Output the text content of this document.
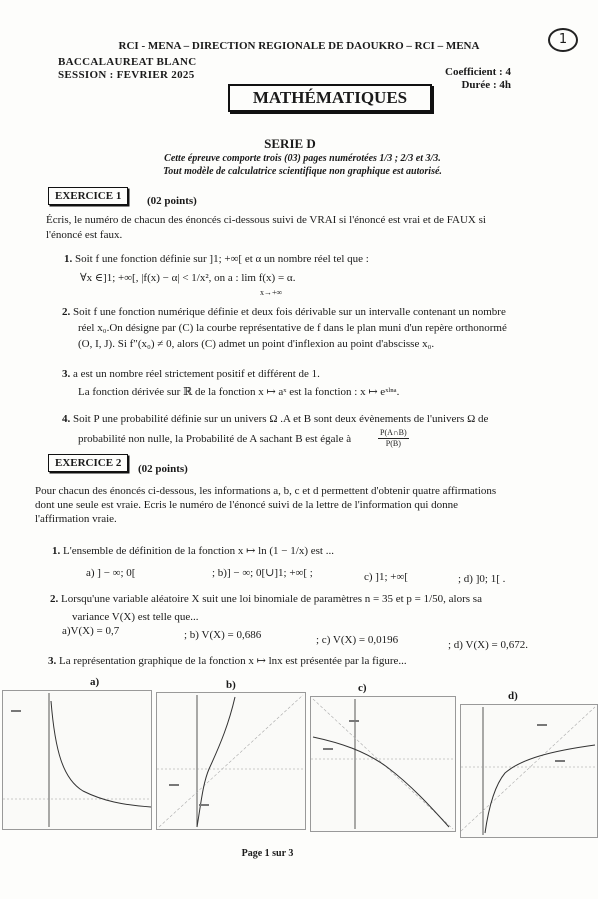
RCI - MENA – DIRECTION REGIONALE DE DAOUKRO – RCI – MENA	1
BACCALAUREAT BLANC
SESSION : FEVRIER 2025	Coefficient : 4
Durée : 4h
MATHÉMATIQUES
SERIE D
Cette épreuve comporte trois (03) pages numérotées 1/3 ; 2/3 et 3/3.
Tout modèle de calculatrice scientifique non graphique est autorisé.
EXERCICE 1	(02 points)
Écris, le numéro de chacun des énoncés ci-dessous suivi de VRAI si l'énoncé est vrai et de FAUX si
l'énoncé est faux.
1. Soit f une fonction définie sur ]1; +∞[ et α un nombre réel tel que :
∀x ∈]1; +∞[, |f(x) − α| < 1/x², on a : lim f(x) = α.
x→+∞
2. Soit f une fonction numérique définie et deux fois dérivable sur un intervalle contenant un nombre
réel x₀.On désigne par (C) la courbe représentative de f dans le plan muni d'un repère orthonormé
(O, I, J). Si f″(x₀) ≠ 0, alors (C) admet un point d'inflexion au point d'abscisse x₀.
3. a est un nombre réel strictement positif et différent de 1.
La fonction dérivée sur ℝ de la fonction x ↦ aˣ est la fonction : x ↦ eˣˡⁿᵃ.
4. Soit P une probabilité définie sur un univers Ω .A et B sont deux évènements de l'univers Ω de
probabilité non nulle, la Probabilité de A sachant B est égale à	$\frac{P(A\cap B)}{P(B)}$
EXERCICE 2	(02 points)
Pour chacun des énoncés ci-dessous, les informations a, b, c et d permettent d'obtenir quatre affirmations
dont une seule est vraie. Ecris le numéro de l'énoncé suivi de la lettre de l'information qui donne
l'affirmation vraie.
1. L'ensemble de définition de la fonction x ↦ ln (1 − 1/x) est ...
a) ] − ∞; 0[	; b)] − ∞; 0[∪]1; +∞[ ;	c) ]1; +∞[	; d) ]0; 1[ .
2. Lorsqu'une variable aléatoire X suit une loi binomiale de paramètres n = 35 et p = 1/50, alors sa
variance V(X) est telle que...
a)V(X) = 0,7	; b) V(X) = 0,686	; c) V(X) = 0,0196	; d) V(X) = 0,672.
3. La représentation graphique de la fonction x ↦ lnx est présentée par la figure...
a)	b)	c)
d)
Page 1 sur 3
